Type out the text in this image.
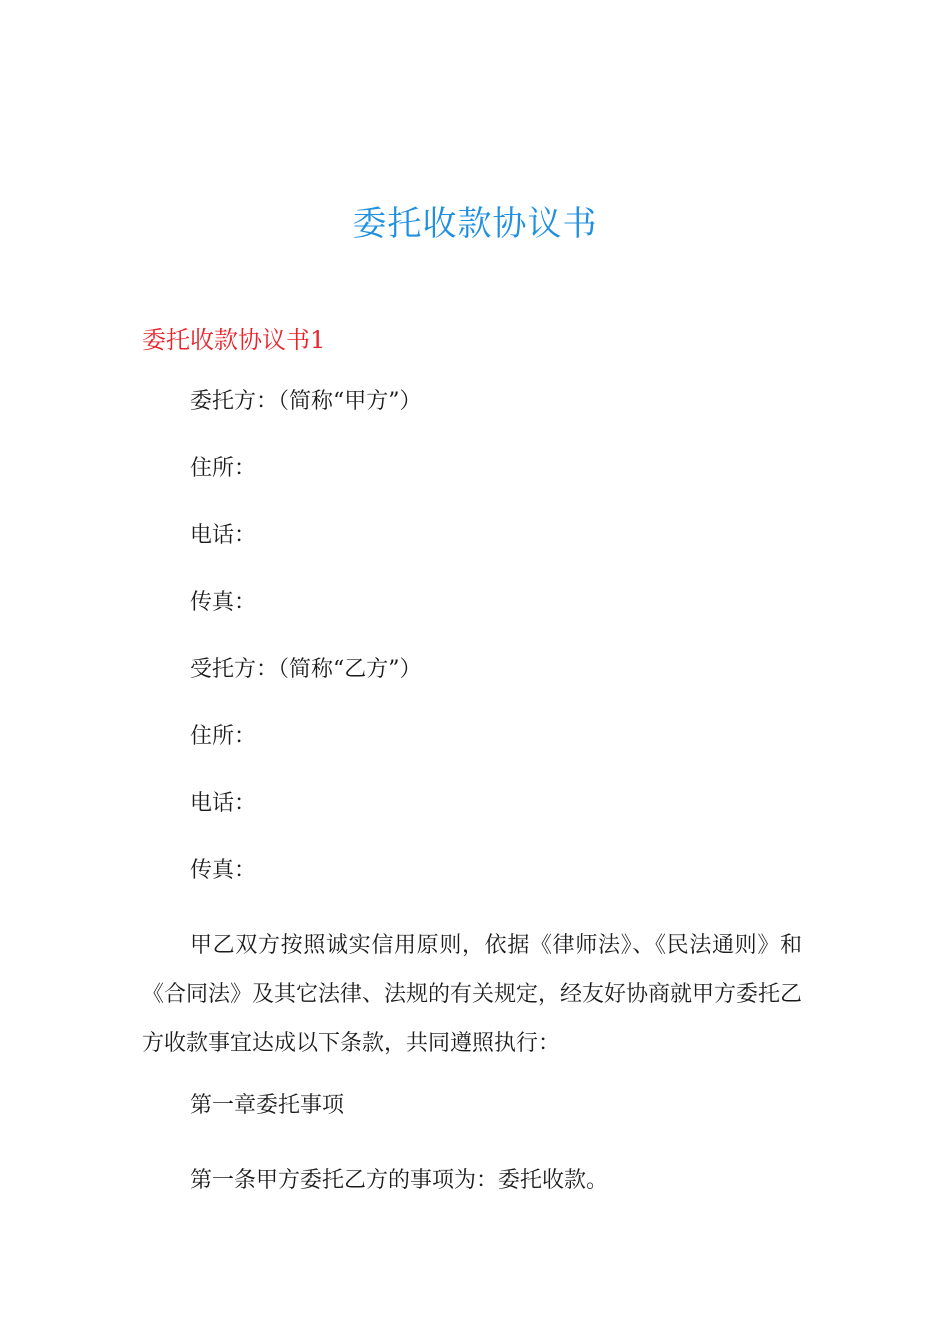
委托收款协议书
委托收款协议书1
委托方：（简称“甲方”）
住所：
电话：
传真：
受托方：（简称“乙方”）
住所：
电话：
传真：
甲乙双方按照诚实信用原则，依据《律师法》、《民法通则》和《合同法》及其它法律、法规的有关规定，经友好协商就甲方委托乙方收款事宜达成以下条款，共同遵照执行：
第一章委托事项
第一条甲方委托乙方的事项为：委托收款。
